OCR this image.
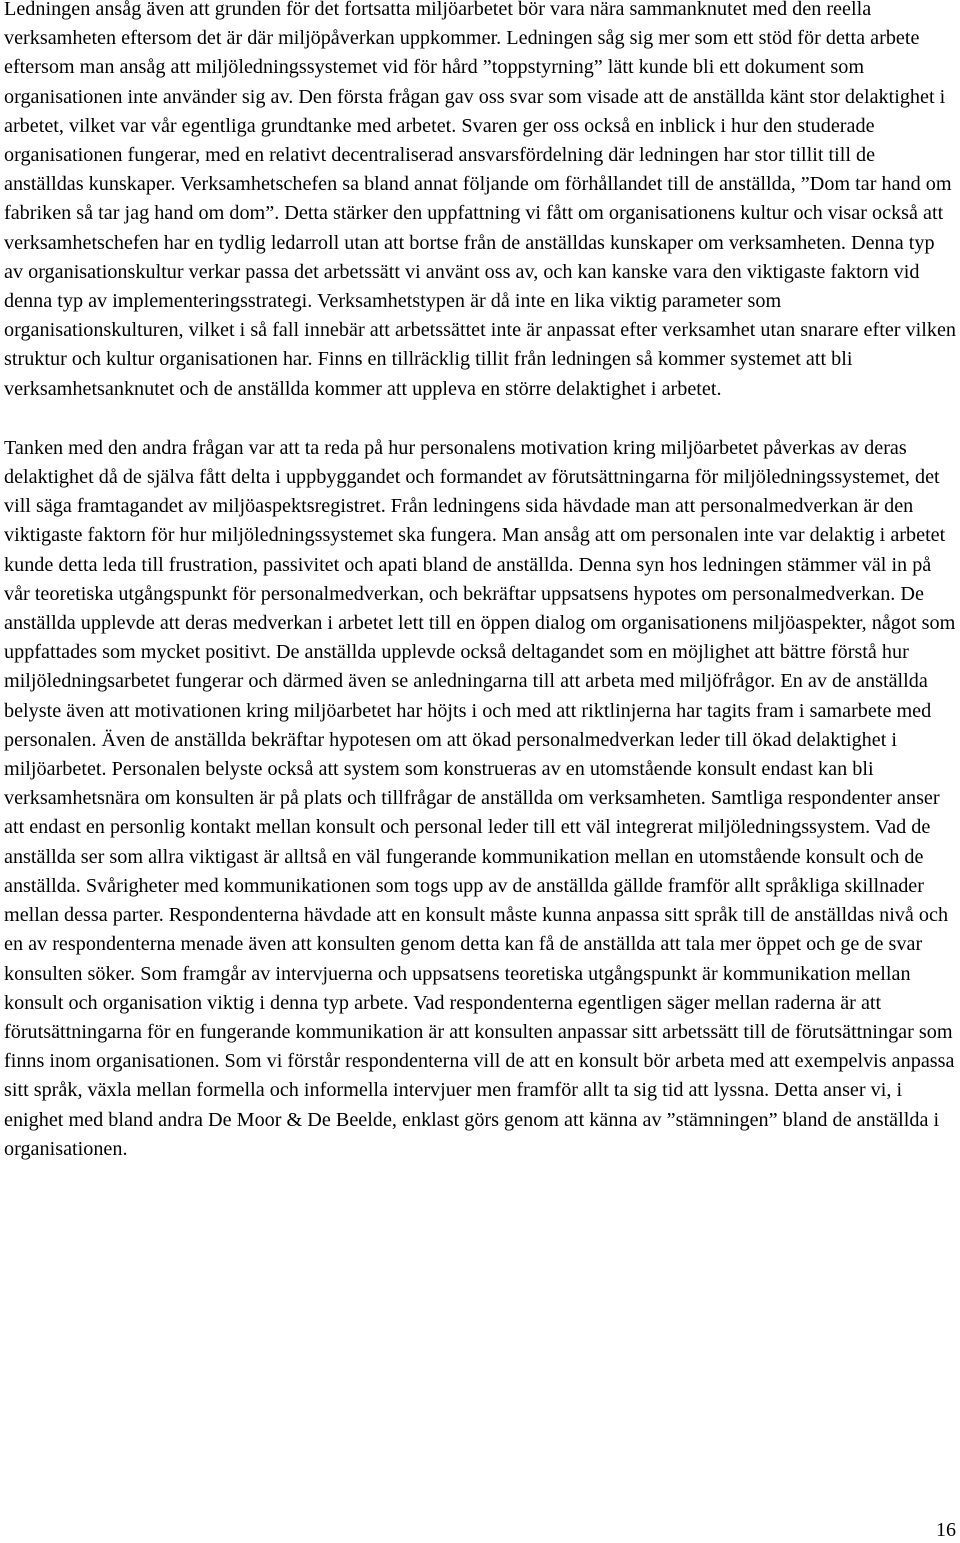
Ledningen ansåg även att grunden för det fortsatta miljöarbetet bör vara nära sammanknutet med den reella verksamheten eftersom det är där miljöpåverkan uppkommer. Ledningen såg sig mer som ett stöd för detta arbete eftersom man ansåg att miljöledningssystemet vid för hård ”toppstyrning” lätt kunde bli ett dokument som organisationen inte använder sig av. Den första frågan gav oss svar som visade att de anställda känt stor delaktighet i arbetet, vilket var vår egentliga grundtanke med arbetet. Svaren ger oss också en inblick i hur den studerade organisationen fungerar, med en relativt decentraliserad ansvarsfördelning där ledningen har stor tillit till de anställdas kunskaper. Verksamhetschefen sa bland annat följande om förhållandet till de anställda, ”Dom tar hand om fabriken så tar jag hand om dom”. Detta stärker den uppfattning vi fått om organisationens kultur och visar också att verksamhetschefen har en tydlig ledarroll utan att bortse från de anställdas kunskaper om verksamheten. Denna typ av organisationskultur verkar passa det arbetssätt vi använt oss av, och kan kanske vara den viktigaste faktorn vid denna typ av implementeringsstrategi. Verksamhetstypen är då inte en lika viktig parameter som organisationskulturen, vilket i så fall innebär att arbetssättet inte är anpassat efter verksamhet utan snarare efter vilken struktur och kultur organisationen har. Finns en tillräcklig tillit från ledningen så kommer systemet att bli verksamhetsanknutet och de anställda kommer att uppleva en större delaktighet i arbetet.

Tanken med den andra frågan var att ta reda på hur personalens motivation kring miljöarbetet påverkas av deras delaktighet då de själva fått delta i uppbyggandet och formandet av förutsättningarna för miljöledningssystemet, det vill säga framtagandet av miljöaspektsregistret. Från ledningens sida hävdade man att personalmedverkan är den viktigaste faktorn för hur miljöledningssystemet ska fungera. Man ansåg att om personalen inte var delaktig i arbetet kunde detta leda till frustration, passivitet och apati bland de anställda. Denna syn hos ledningen stämmer väl in på vår teoretiska utgångspunkt för personalmedverkan, och bekräftar uppsatsens hypotes om personalmedverkan. De anställda upplevde att deras medverkan i arbetet lett till en öppen dialog om organisationens miljöaspekter, något som uppfattades som mycket positivt. De anställda upplevde också deltagandet som en möjlighet att bättre förstå hur miljöledningsarbetet fungerar och därmed även se anledningarna till att arbeta med miljöfrågor. En av de anställda belyste även att motivationen kring miljöarbetet har höjts i och med att riktlinjerna har tagits fram i samarbete med personalen. Även de anställda bekräftar hypotesen om att ökad personalmedverkan leder till ökad delaktighet i miljöarbetet. Personalen belyste också att system som konstrueras av en utomstående konsult endast kan bli verksamhetsnära om konsulten är på plats och tillfrågar de anställda om verksamheten. Samtliga respondenter anser att endast en personlig kontakt mellan konsult och personal leder till ett väl integrerat miljöledningssystem. Vad de anställda ser som allra viktigast är alltså en väl fungerande kommunikation mellan en utomstående konsult och de anställda. Svårigheter med kommunikationen som togs upp av de anställda gällde framför allt språkliga skillnader mellan dessa parter. Respondenterna hävdade att en konsult måste kunna anpassa sitt språk till de anställdas nivå och en av respondenterna menade även att konsulten genom detta kan få de anställda att tala mer öppet och ge de svar konsulten söker. Som framgår av intervjuerna och uppsatsens teoretiska utgångspunkt är kommunikation mellan konsult och organisation viktig i denna typ arbete. Vad respondenterna egentligen säger mellan raderna är att förutsättningarna för en fungerande kommunikation är att konsulten anpassar sitt arbetssätt till de förutsättningar som finns inom organisationen. Som vi förstår respondenterna vill de att en konsult bör arbeta med att exempelvis anpassa sitt språk, växla mellan formella och informella intervjuer men framför allt ta sig tid att lyssna. Detta anser vi, i enighet med bland andra De Moor & De Beelde, enklast görs genom att känna av ”stämningen” bland de anställda i organisationen.

16
